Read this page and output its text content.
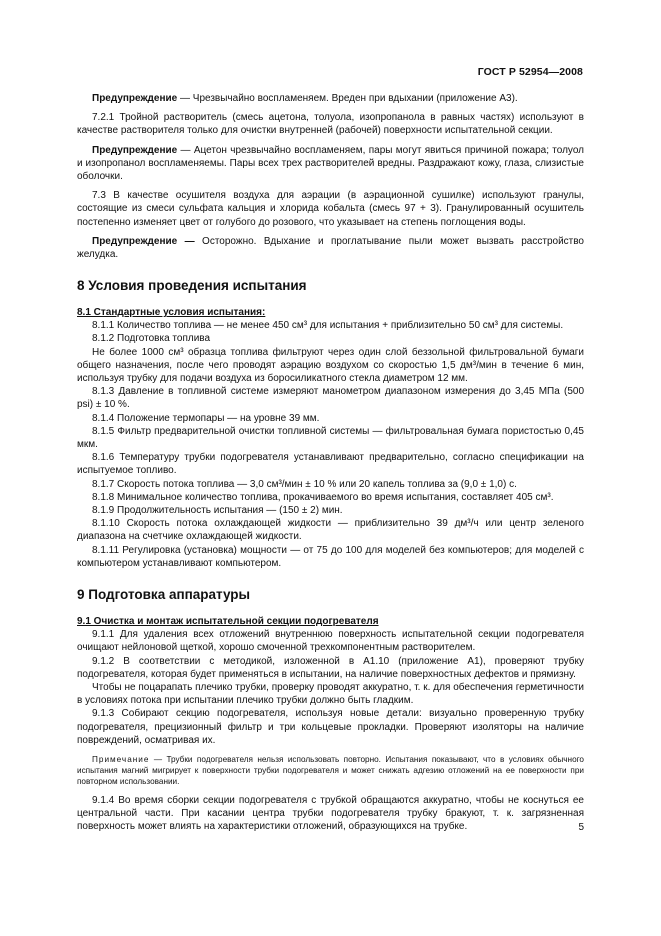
ГОСТ Р 52954—2008

Предупреждение — Чрезвычайно воспламеняем. Вреден при вдыхании (приложение А3).

7.2.1 Тройной растворитель (смесь ацетона, толуола, изопропанола в равных частях) используют в качестве растворителя только для очистки внутренней (рабочей) поверхности испытательной секции.

Предупреждение — Ацетон чрезвычайно воспламеняем, пары могут явиться причиной пожара; толуол и изопропанол воспламеняемы. Пары всех трех растворителей вредны. Раздражают кожу, глаза, слизистые оболочки.

7.3 В качестве осушителя воздуха для аэрации (в аэрационной сушилке) используют гранулы, состоящие из смеси сульфата кальция и хлорида кобальта (смесь 97 + 3). Гранулированный осушитель постепенно изменяет цвет от голубого до розового, что указывает на степень поглощения воды.

Предупреждение — Осторожно. Вдыхание и проглатывание пыли может вызвать расстройство желудка.

8 Условия проведения испытания
8.1 Стандартные условия испытания:

8.1.1 Количество топлива — не менее 450 см³ для испытания + приблизительно 50 см³ для системы.

8.1.2 Подготовка топлива

Не более 1000 см³ образца топлива фильтруют через один слой беззольной фильтровальной бумаги общего назначения, после чего проводят аэрацию воздухом со скоростью 1,5 дм³/мин в течение 6 мин, используя трубку для подачи воздуха из боросиликатного стекла диаметром 12 мм.

8.1.3 Давление в топливной системе измеряют манометром диапазоном измерения до 3,45 МПа (500 psi) ± 10 %.

8.1.4 Положение термопары — на уровне 39 мм.

8.1.5 Фильтр предварительной очистки топливной системы — фильтровальная бумага пористостью 0,45 мкм.

8.1.6 Температуру трубки подогревателя устанавливают предварительно, согласно спецификации на испытуемое топливо.

8.1.7 Скорость потока топлива — 3,0 см³/мин ± 10 % или 20 капель топлива за (9,0 ± 1,0) с.

8.1.8 Минимальное количество топлива, прокачиваемого во время испытания, составляет 405 см³.

8.1.9 Продолжительность испытания — (150 ± 2) мин.

8.1.10 Скорость потока охлаждающей жидкости — приблизительно 39 дм³/ч или центр зеленого диапазона на счетчике охлаждающей жидкости.

8.1.11 Регулировка (установка) мощности — от 75 до 100 для моделей без компьютеров; для моделей с компьютером устанавливают компьютером.

9 Подготовка аппаратуры
9.1 Очистка и монтаж испытательной секции подогревателя

9.1.1 Для удаления всех отложений внутреннюю поверхность испытательной секции подогревателя очищают нейлоновой щеткой, хорошо смоченной трехкомпонентным растворителем.

9.1.2 В соответствии с методикой, изложенной в А1.10 (приложение А1), проверяют трубку подогревателя, которая будет применяться в испытании, на наличие поверхностных дефектов и прямизну.

Чтобы не поцарапать плечико трубки, проверку проводят аккуратно, т. к. для обеспечения герметичности в условиях потока при испытании плечико трубки должно быть гладким.

9.1.3 Собирают секцию подогревателя, используя новые детали: визуально проверенную трубку подогревателя, прецизионный фильтр и три кольцевые прокладки. Проверяют изоляторы на наличие повреждений, осматривая их.

Примечание — Трубки подогревателя нельзя использовать повторно. Испытания показывают, что в условиях обычного испытания магний мигрирует к поверхности трубки подогревателя и может снижать адгезию отложений на ее поверхности при повторном использовании.

9.1.4 Во время сборки секции подогревателя с трубкой обращаются аккуратно, чтобы не коснуться ее центральной части. При касании центра трубки подогревателя трубку бракуют, т. к. загрязненная поверхность может влиять на характеристики отложений, образующихся на трубке.	5
